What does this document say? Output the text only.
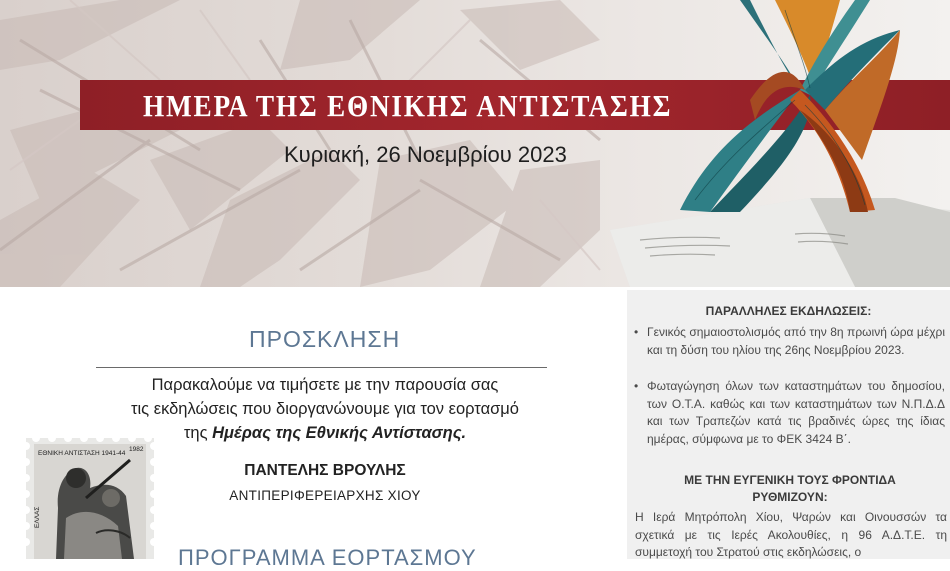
ΗΜΕΡΑ ΤΗΣ ΕΘΝΙΚΗΣ ΑΝΤΙΣΤΑΣΗΣ
Κυριακή, 26 Νοεμβρίου 2023
ΠΡΟΣΚΛΗΣΗ
Παρακαλούμε να τιμήσετε με την παρουσία σας
τις εκδηλώσεις που διοργανώνουμε για τον εορτασμό
της Ημέρας της Εθνικής Αντίστασης.
ΠΑΝΤΕΛΗΣ ΒΡΟΥΛΗΣ
ΑΝΤΙΠΕΡΙΦΕΡΕΙΑΡΧΗΣ ΧΙΟΥ
ΠΡΟΓΡΑΜΜΑ ΕΟΡΤΑΣΜΟΥ
ΕΘΝΙΚΗ ΑΝΤΙΣΤΑΣΗ 1941-44
1982
ΕΛΛΑΣ
ΠΑΡΑΛΛΗΛΕΣ ΕΚΔΗΛΩΣΕΙΣ:
• Γενικός σημαιοστολισμός από την 8η πρωινή ώρα μέχρι και τη δύση του ηλίου της 26ης Νοεμβρίου 2023.
• Φωταγώγηση όλων των καταστημάτων του δημοσίου, των Ο.Τ.Α. καθώς και των καταστημάτων των Ν.Π.Δ.Δ και των Τραπεζών κατά τις βραδινές ώρες της ίδιας ημέρας, σύμφωνα με το ΦΕΚ 3424 Β΄.
ΜΕ ΤΗΝ ΕΥΓΕΝΙΚΗ ΤΟΥΣ ΦΡΟΝΤΙΔΑ ΡΥΘΜΙΖΟΥΝ:
Η Ιερά Μητρόπολη Χίου, Ψαρών και Οινουσσών τα σχετικά με τις Ιερές Ακολουθίες, η 96 Α.Δ.Τ.Ε. τη συμμετοχή του Στρατού στις εκδηλώσεις, ο
